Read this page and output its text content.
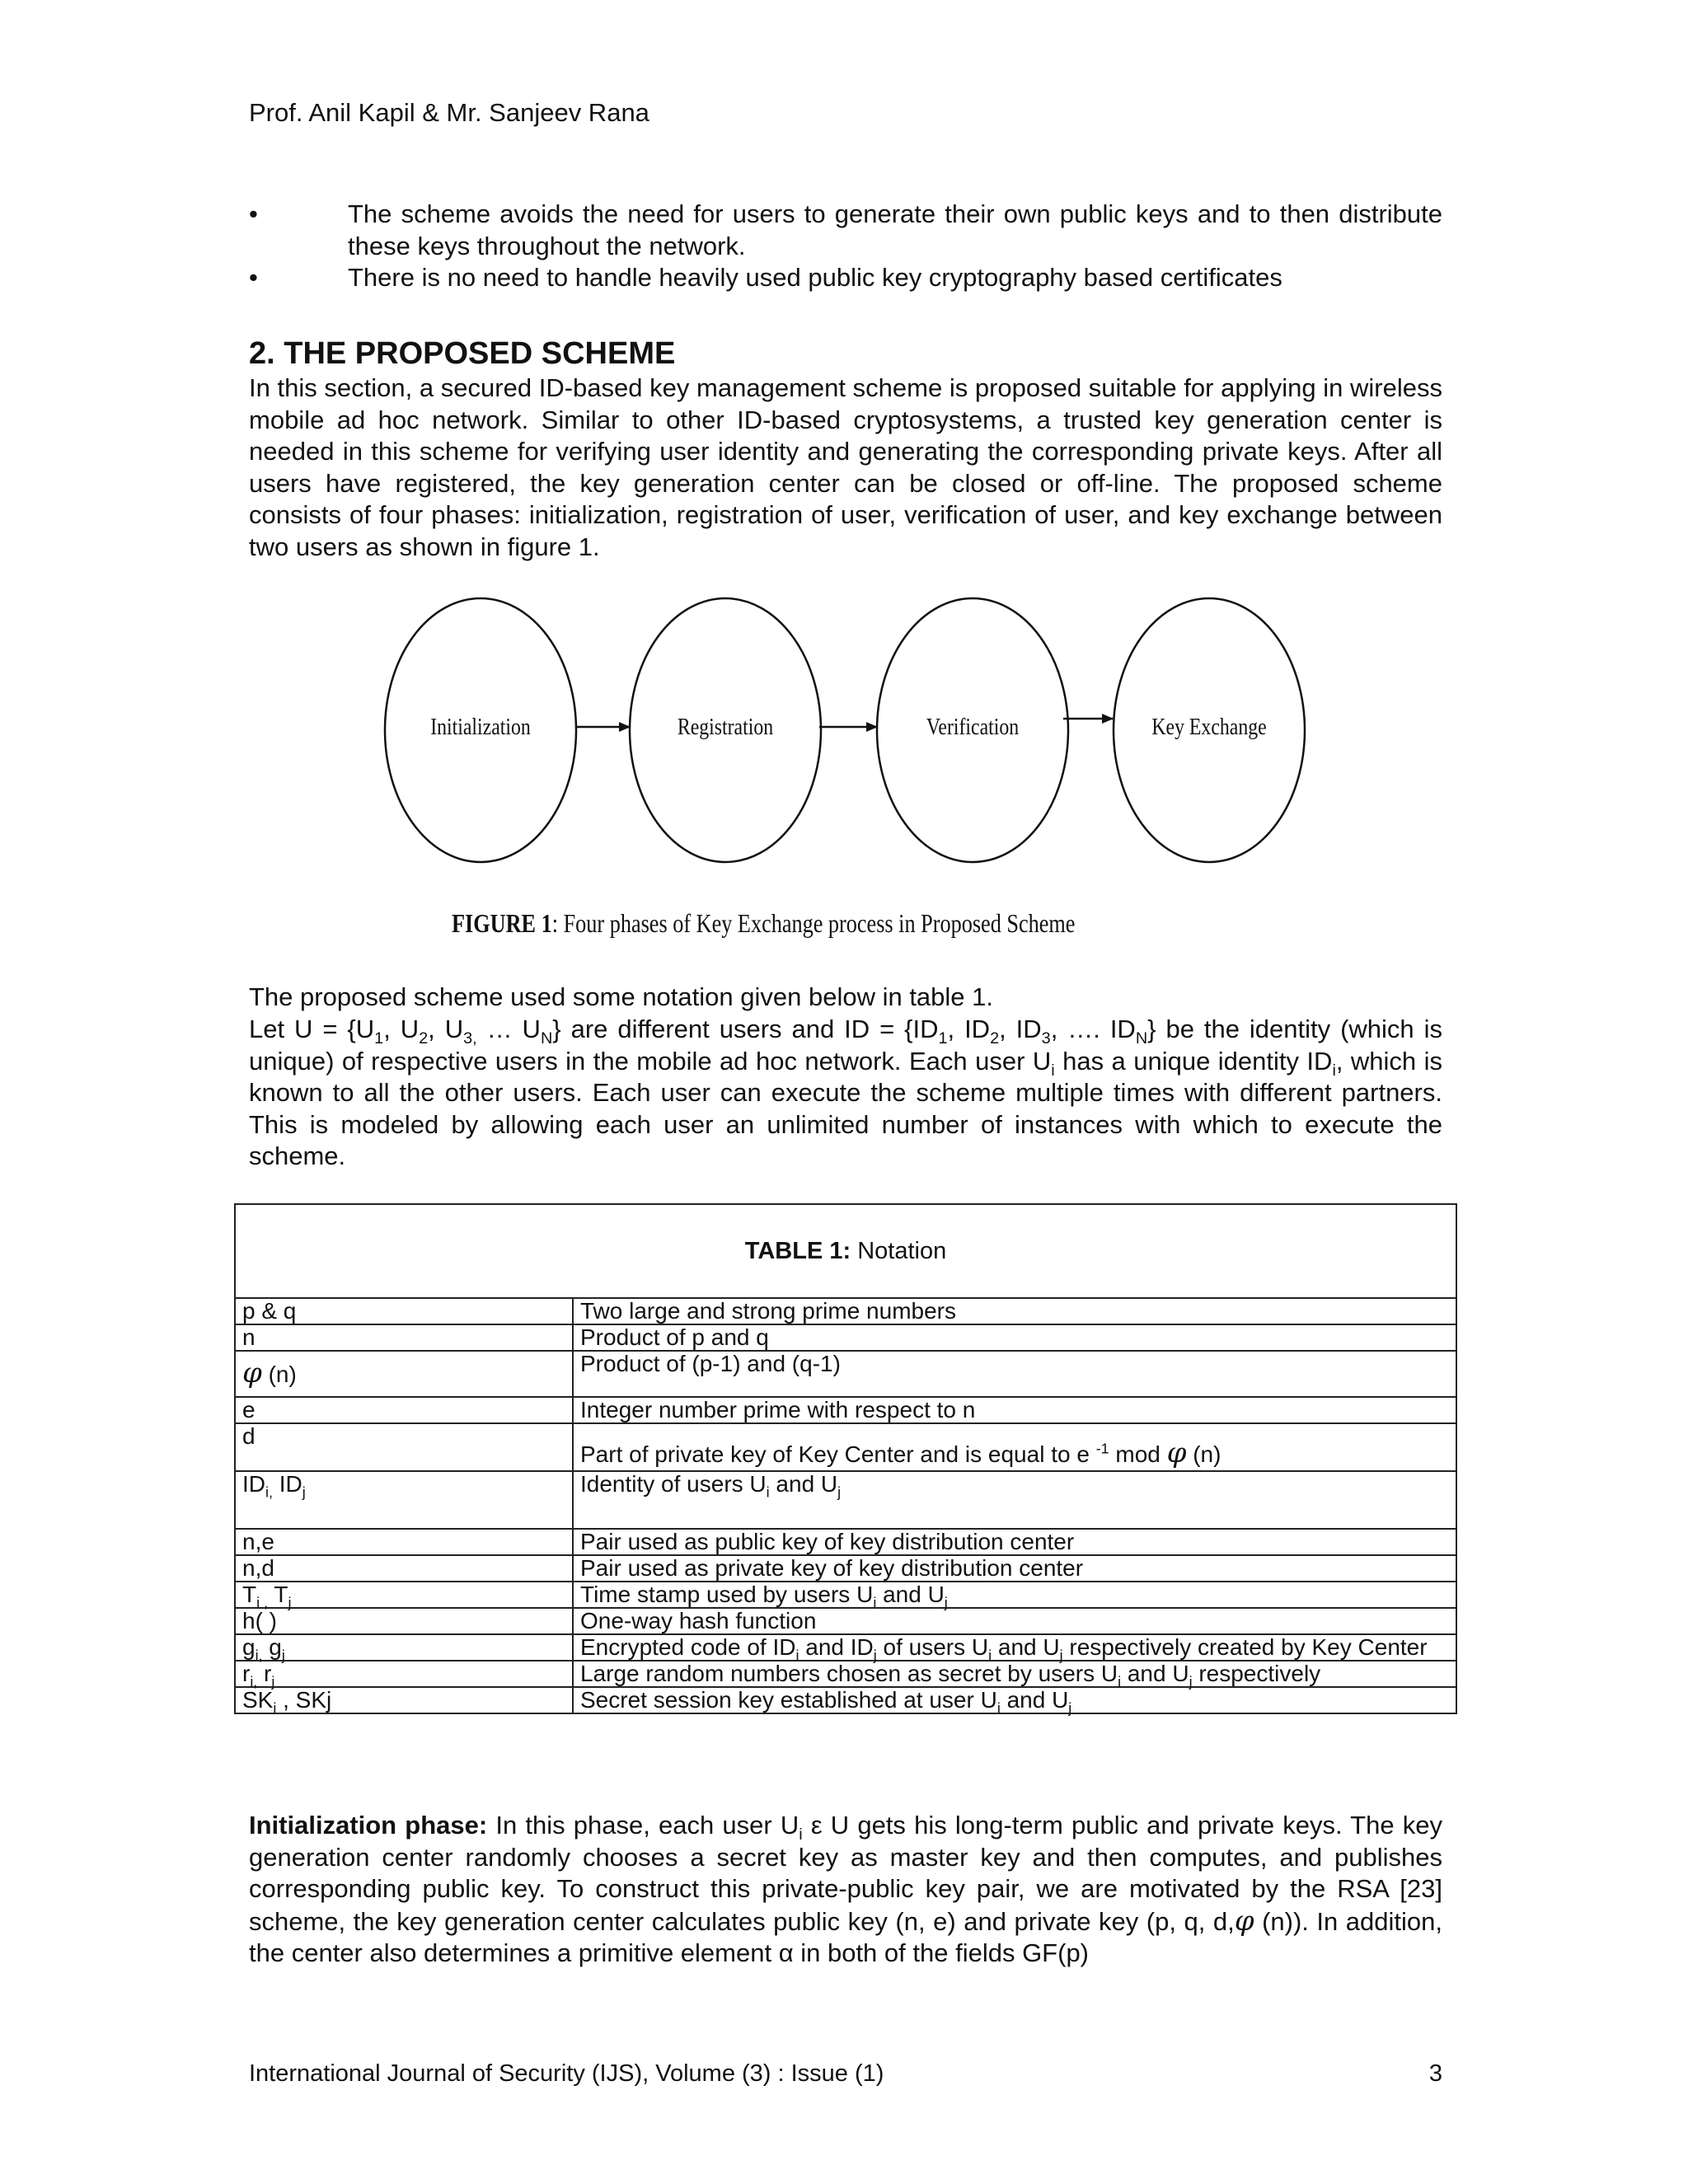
Prof. Anil Kapil & Mr. Sanjeev Rana
•	The scheme avoids the need for users to generate their own public keys and to then distribute these keys throughout the network.
•	There is no need to handle heavily used public key cryptography based certificates
2. THE PROPOSED SCHEME
In this section, a secured ID-based key management scheme is proposed suitable for applying in wireless mobile ad hoc network. Similar to other ID-based cryptosystems, a trusted key generation center is needed in this scheme for verifying user identity and generating the corresponding private keys. After all users have registered, the key generation center can be closed or off-line. The proposed scheme consists of four phases: initialization, registration of user, verification of user, and key exchange between two users as shown in figure 1.
Initialization	Registration	Verification	Key Exchange
FIGURE 1: Four phases of Key Exchange process in Proposed Scheme
The proposed scheme used some notation given below in table 1.
Let $U = \{U_1$, $U_2$, $U_{3,}$ … $U_N$} are different users and ID = {$ID_1$, $ID_2$, $ID_3$, …. $ID_N$} be the identity (which is unique) of respective users in the mobile ad hoc network. Each user $U_i$ has a unique identity $ID_i$, which is known to all the other users. Each user can execute the scheme multiple times with different partners. This is modeled by allowing each user an unlimited number of instances with which to execute the scheme.
TABLE 1: Notation	
p & q	Two large and strong prime numbers
n	Product of p and q
φ (n)	Product of (p-1) and (q-1)
e	Integer number prime with respect to n
d	Part of private key of Key Center and is equal to e $^{-1}$ mod φ (n)
$ID_{i,}$ $ID_j$	Identity of users $U_i$ and $U_j$
n,e	Pair used as public key of key distribution center
n,d	Pair used as private key of key distribution center
$T_{i ,}$ $T_j$	Time stamp used by users $U_i$ and $U_j$
h( )	One-way hash function
$g_{i,}$ $g_j$	Encrypted code of $ID_i$ and $ID_j$ of users $U_i$ and $U_j$ respectively created by Key Center
$r_{i,}$ $r_j$	Large random numbers chosen as secret by users $U_i$ and $U_j$ respectively
$SK_i$ , SKj	Secret session key established at user $U_i$ and $U_j$
Initialization phase: In this phase, each user $U_i$ ε U gets his long-term public and private keys. The key generation center randomly chooses a secret key as master key and then computes, and publishes corresponding public key. To construct this private-public key pair, we are motivated by the RSA [23] scheme, the key generation center calculates public key (n, e) and private key (p, q, d,φ (n)). In addition, the center also determines a primitive element α in both of the fields GF(p)
International Journal of Security (IJS), Volume (3) : Issue (1)	3
